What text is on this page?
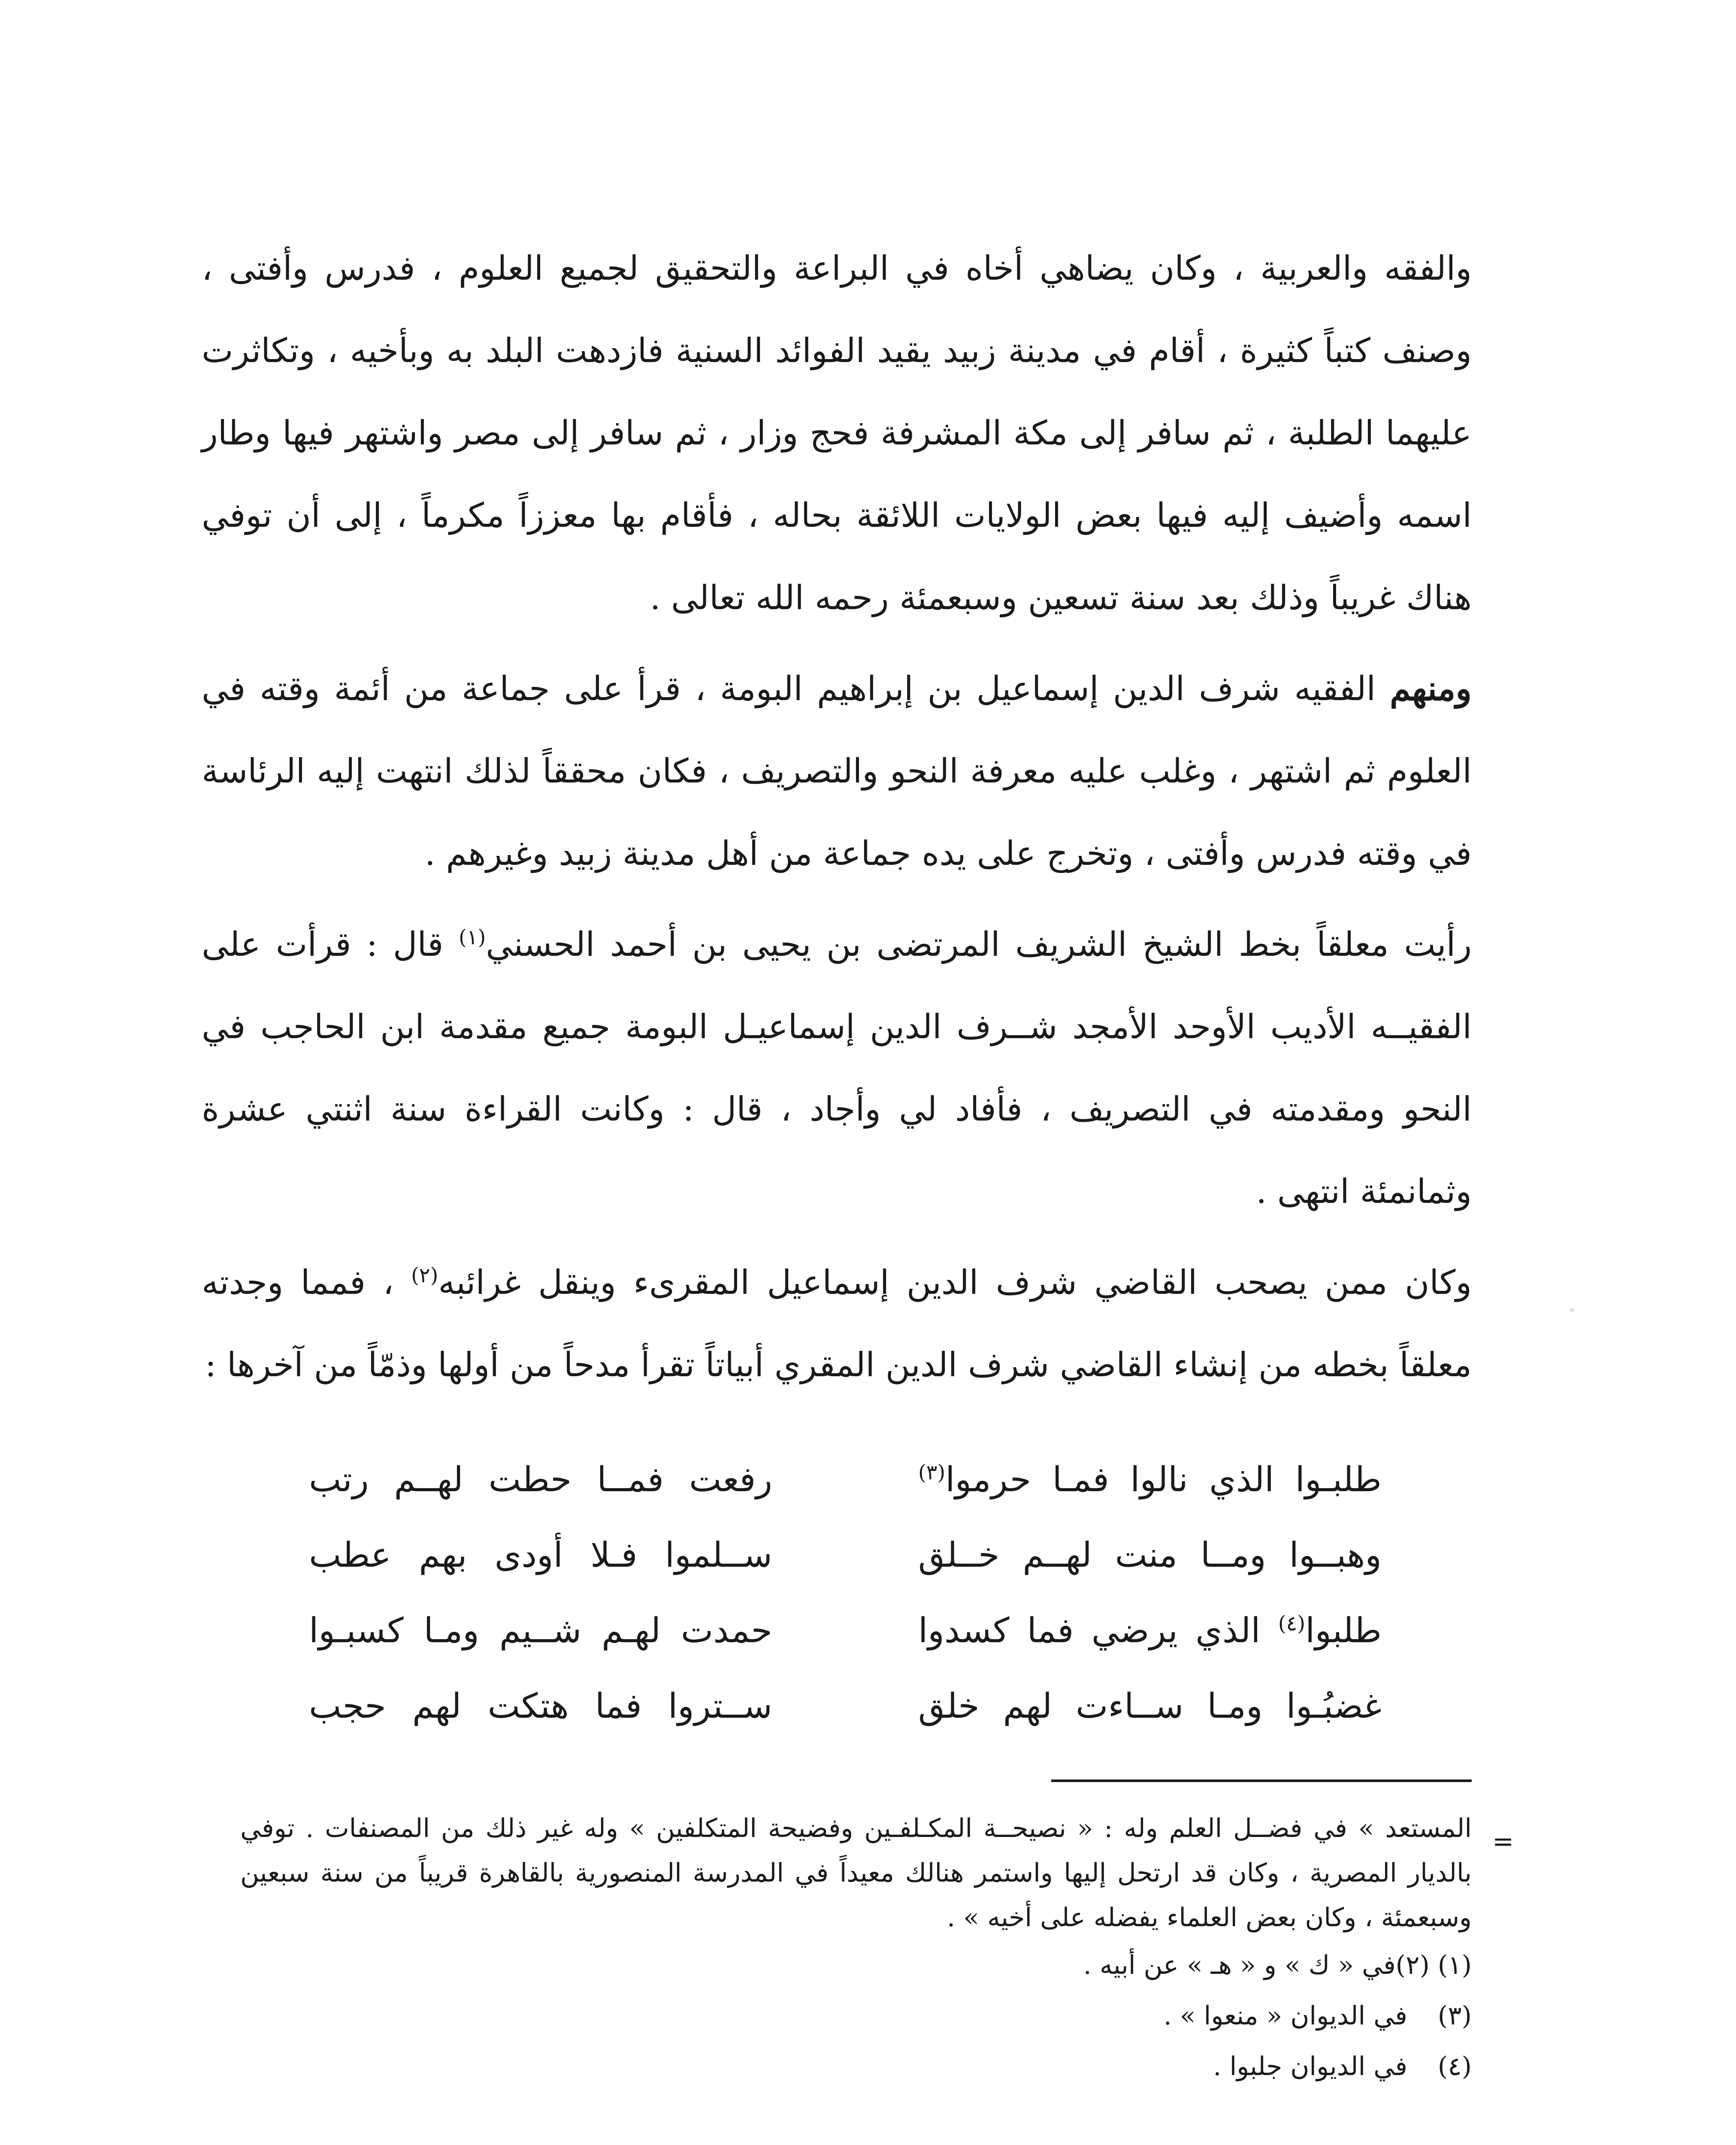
والفقه والعربية ، وكان يضاهي أخاه في البراعة والتحقيق لجميع العلوم ، فدرس وأفتى ، وصنف كتباً كثيرة ، أقام في مدينة زبيد يقيد الفوائد السنية فازدهت البلد به وبأخيه ، وتكاثرت عليهما الطلبة ، ثم سافر إلى مكة المشرفة فحج وزار ، ثم سافر إلى مصر واشتهر فيها وطار اسمه وأضيف إليه فيها بعض الولايات اللائقة بحاله ، فأقام بها معززاً مكرماً ، إلى أن توفي هناك غريباً وذلك بعد سنة تسعين وسبعمئة رحمه الله تعالى .

ومنهم الفقيه شرف الدين إسماعيل بن إبراهيم البومة ، قرأ على جماعة من أئمة وقته في العلوم ثم اشتهر ، وغلب عليه معرفة النحو والتصريف ، فكان محققاً لذلك انتهت إليه الرئاسة في وقته فدرس وأفتى ، وتخرج على يده جماعة من أهل مدينة زبيد وغيرهم .

رأيت معلقاً بخط الشيخ الشريف المرتضى بن يحيى بن أحمد الحسني$^{(١)}$ قال : قرأت على الفقيــه الأديب الأوحد الأمجد شــرف الدين إسماعيـل البومة جميع مقدمة ابن الحاجب في النحو ومقدمته في التصريف ، فأفاد لي وأجاد ، قال : وكانت القراءة سنة اثنتي عشرة وثمانمئة انتهى .

وكان ممن يصحب القاضي شرف الدين إسماعيل المقرىء وينقل غرائبه$^{(٢)}$ ، فمما وجدته معلقاً بخطه من إنشاء القاضي شرف الدين المقري أبياتاً تقرأ مدحاً من أولها وذمّاً من آخرها :

طلبـوا الذي نالوا فمـا حرموا$^{(٣)}$
رفعت فمــا حطت لهــم رتب
وهبــوا ومــا منت لهــم خــلق
ســلموا فـلا أودى بهم عطب
طلبوا$^{(٤)}$ الذي يرضي فما كسدوا
حمدت لهـم شــيم ومـا كسبـوا
غضبُـوا ومـا ســاءت لهم خلق
ســتروا فما هتكت لهم حجب
=

المستعد » في فضــل العلم وله : « نصيحــة المكـلفـين وفضيحة المتكلفين » وله غير ذلك من المصنفات . توفي بالديار المصرية ، وكان قد ارتحل إليها واستمر هنالك معيداً في المدرسة المنصورية بالقاهرة قريباً من سنة سبعين وسبعمئة ، وكان بعض العلماء يفضله على أخيه » .

(١) (٢)
في « ك » و « هـ » عن أبيه .

(٣)
في الديوان « منعوا » .

(٤)
في الديوان جلبوا .
